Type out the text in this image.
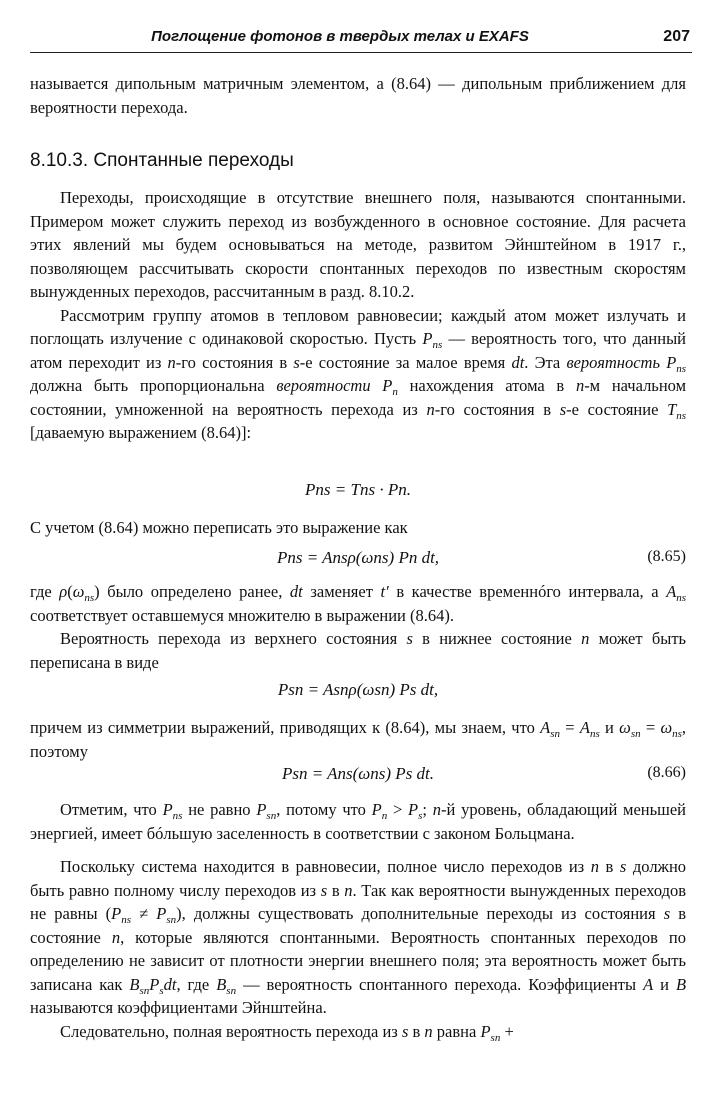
Поглощение фотонов в твердых телах и EXAFS	207

называется дипольным матричным элементом, а (8.64) — дипольным приближением для вероятности перехода.

8.10.3. Спонтанные переходы

Переходы, происходящие в отсутствие внешнего поля, называются спонтанными. Примером может служить переход из возбужденного в основное состояние. Для расчета этих явлений мы будем основываться на методе, развитом Эйнштейном в 1917 г., позволяющем рассчитывать скорости спонтанных переходов по известным скоростям вынужденных переходов, рассчитанным в разд. 8.10.2.

Рассмотрим группу атомов в тепловом равновесии; каждый атом может излучать и поглощать излучение с одинаковой скоростью. Пусть $P_{ns}$ — вероятность того, что данный атом переходит из n-го состояния в s-е состояние за малое время dt. Эта вероятность $P_{ns}$ должна быть пропорциональна вероятности $P_n$ нахождения атома в n-м начальном состоянии, умноженной на вероятность перехода из n-го состояния в s-е состояние $T_{ns}$ [даваемую выражением (8.64)]:

Pns = Tns · Pn.

С учетом (8.64) можно переписать это выражение как

Pns = Ansρ(ωns) Pn dt,	(8.65)

где $\rho(\omega_{ns})$ было определено ранее, dt заменяет t′ в качестве временнóго интервала, а $A_{ns}$ соответствует оставшемуся множителю в выражении (8.64).

Вероятность перехода из верхнего состояния s в нижнее состояние n может быть переписана в виде

Psn = Asnρ(ωsn) Ps dt,

причем из симметрии выражений, приводящих к (8.64), мы знаем, что $A_{sn} = A_{ns}$ и $\omega_{sn} = \omega_{ns}$, поэтому

Psn = Ans(ωns) Ps dt.	(8.66)

Отметим, что $P_{ns}$ не равно $P_{sn}$, потому что $P_n > P_s$; n-й уровень, обладающий меньшей энергией, имеет бóльшую заселенность в соответствии с законом Больцмана.

Поскольку система находится в равновесии, полное число переходов из n в s должно быть равно полному числу переходов из s в n. Так как вероятности вынужденных переходов не равны $(P_{ns} \ne P_{sn})$, должны существовать дополнительные переходы из состояния s в состояние n, которые являются спонтанными. Вероятность спонтанных переходов по определению не зависит от плотности энергии внешнего поля; эта вероятность может быть записана как $B_{sn}P_sdt$, где $B_{sn}$ — вероятность спонтанного перехода. Коэффициенты A и B называются коэффициентами Эйнштейна.

Следовательно, полная вероятность перехода из s в n равна $P_{sn}$ +
